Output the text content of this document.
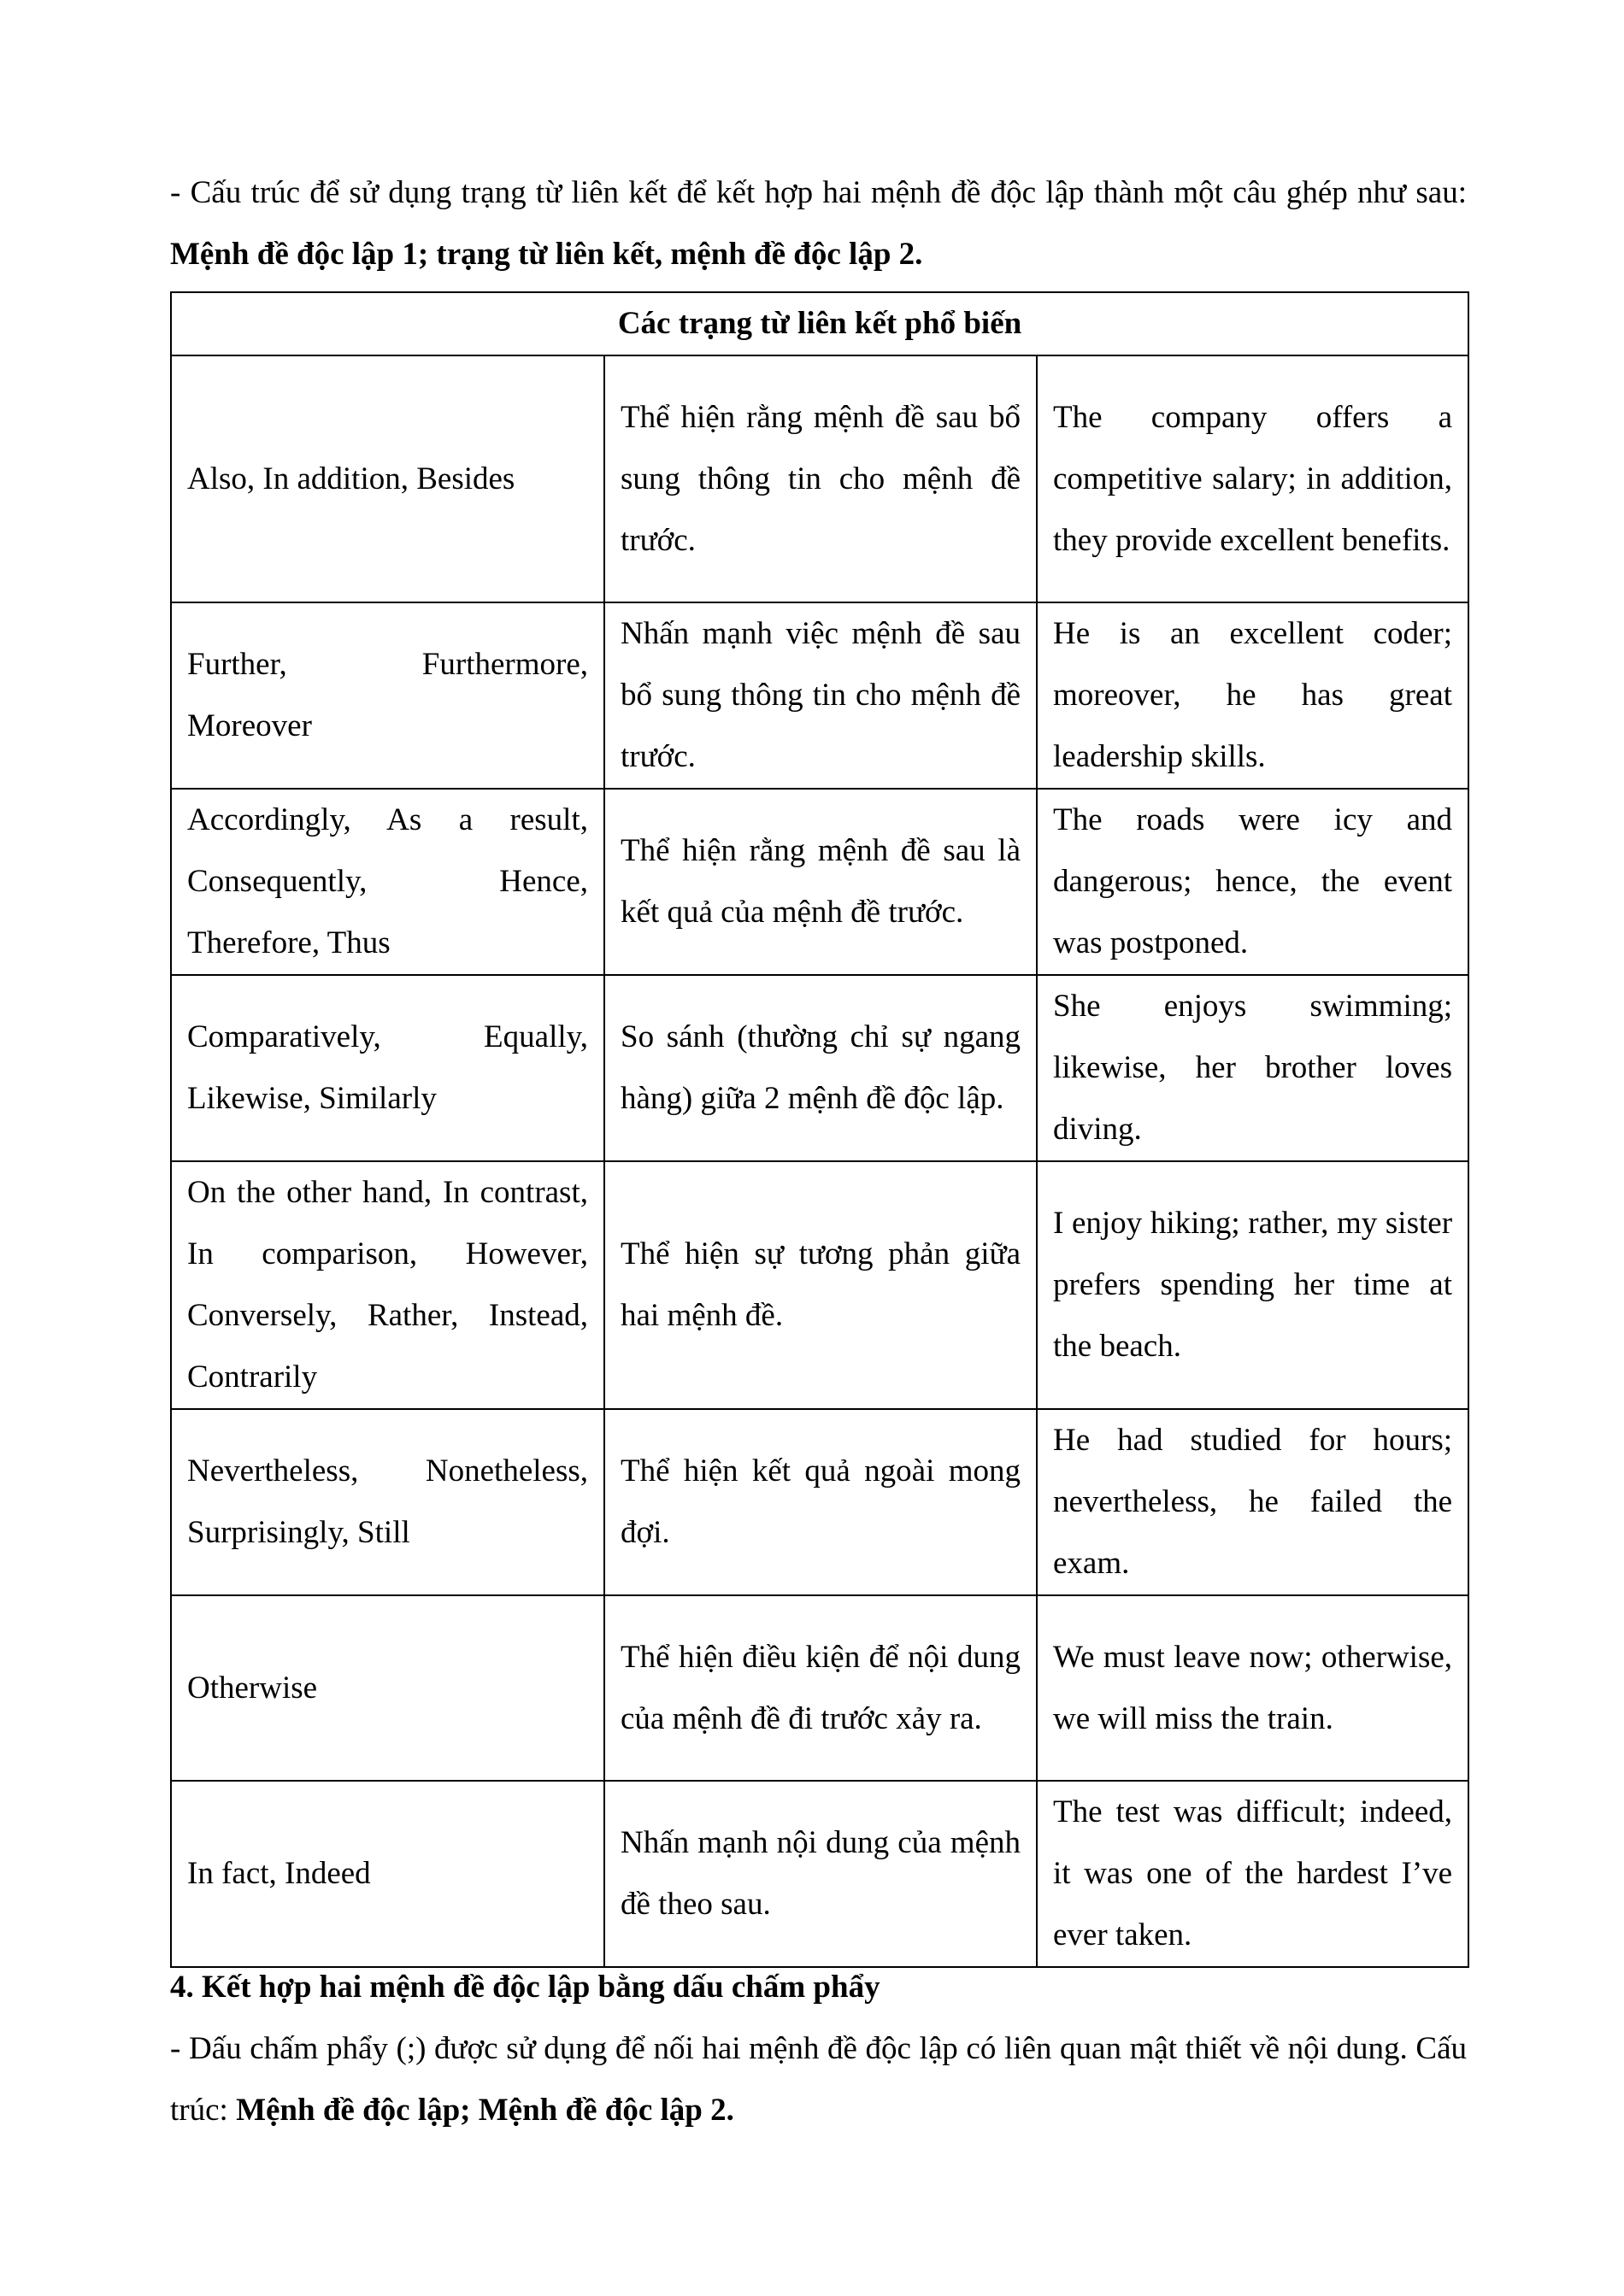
- Cấu trúc để sử dụng trạng từ liên kết để kết hợp hai mệnh đề độc lập thành một câu ghép như sau: Mệnh đề độc lập 1; trạng từ liên kết, mệnh đề độc lập 2.

Các trạng từ liên kết phổ biến		
Also, In addition, Besides	Thể hiện rằng mệnh đề sau bổ sung thông tin cho mệnh đề trước.	The company offers a competitive salary; in addition, they provide excellent benefits.
Further, Furthermore, Moreover	Nhấn mạnh việc mệnh đề sau bổ sung thông tin cho mệnh đề trước.	He is an excellent coder; moreover, he has great leadership skills.
Accordingly, As a result, Consequently, Hence, Therefore, Thus	Thể hiện rằng mệnh đề sau là kết quả của mệnh đề trước.	The roads were icy and dangerous; hence, the event was postponed.
Comparatively, Equally, Likewise, Similarly	So sánh (thường chỉ sự ngang hàng) giữa 2 mệnh đề độc lập.	She enjoys swimming; likewise, her brother loves diving.
On the other hand, In contrast, In comparison, However, Conversely, Rather, Instead, Contrarily	Thể hiện sự tương phản giữa hai mệnh đề.	I enjoy hiking; rather, my sister prefers spending her time at the beach.
Nevertheless, Nonetheless, Surprisingly, Still	Thể hiện kết quả ngoài mong đợi.	He had studied for hours; nevertheless, he failed the exam.
Otherwise	Thể hiện điều kiện để nội dung của mệnh đề đi trước xảy ra.	We must leave now; otherwise, we will miss the train.
In fact, Indeed	Nhấn mạnh nội dung của mệnh đề theo sau.	The test was difficult; indeed, it was one of the hardest I’ve ever taken.

4. Kết hợp hai mệnh đề độc lập bằng dấu chấm phẩy

- Dấu chấm phẩy (;) được sử dụng để nối hai mệnh đề độc lập có liên quan mật thiết về nội dung. Cấu trúc: Mệnh đề độc lập; Mệnh đề độc lập 2.
